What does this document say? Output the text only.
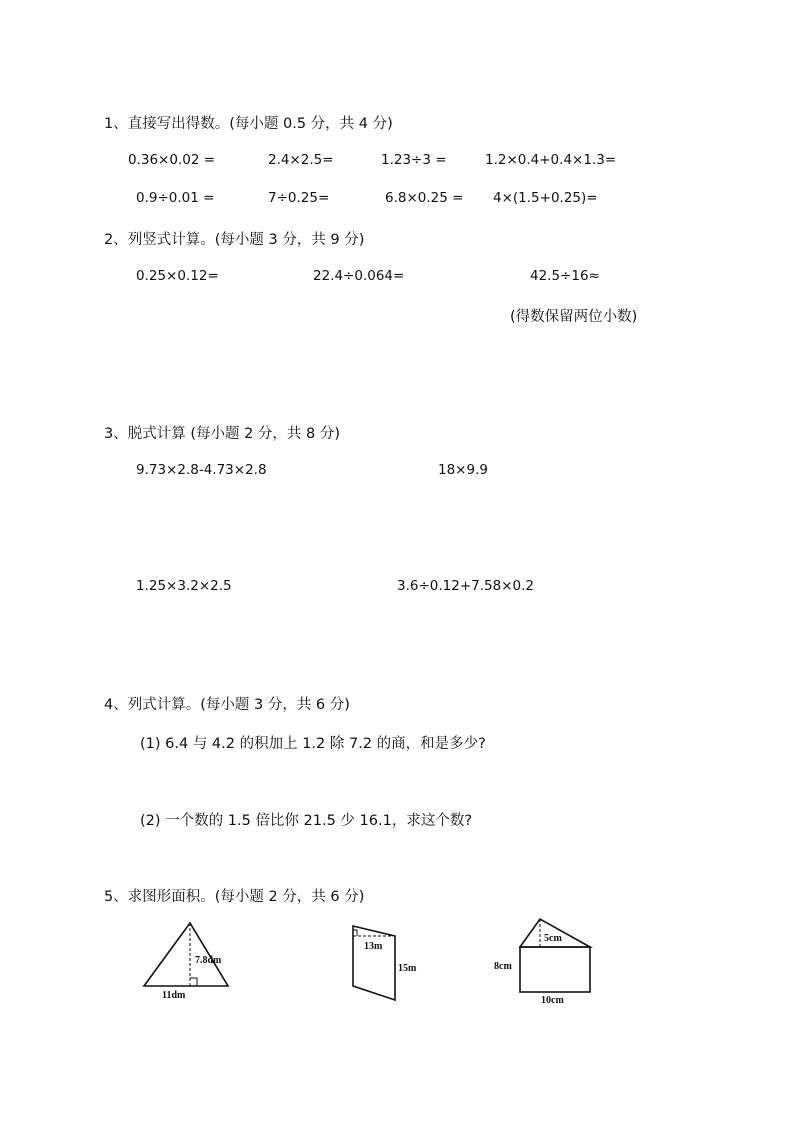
1、直接写出得数。(每小题 0.5 分，共 4 分)
0.36×0.02 =	2.4×2.5=	1.23÷3 =	1.2×0.4+0.4×1.3=
0.9÷0.01 =	7÷0.25=	6.8×0.25 = 4×(1.5+0.25)=
2、列竖式计算。(每小题 3 分，共 9 分)
0.25×0.12=	22.4÷0.064=	42.5÷16≈
(得数保留两位小数)
3、脱式计算 (每小题 2 分，共 8 分)
9.73×2.8-4.73×2.8	18×9.9
1.25×3.2×2.5	3.6÷0.12+7.58×0.2
4、列式计算。(每小题 3 分，共 6 分)
(1) 6.4 与 4.2 的积加上 1.2 除 7.2 的商，和是多少?
(2) 一个数的 1.5 倍比你 21.5 少 16.1，求这个数?
5、求图形面积。(每小题 2 分，共 6 分)
7.8dm
11dm
13m
15m
5cm
8cm
10cm
